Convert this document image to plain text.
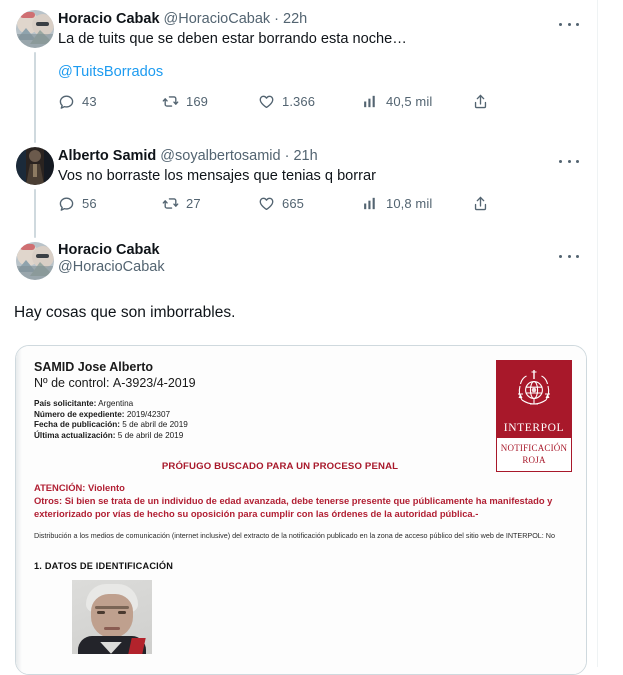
Horacio Cabak @HoracioCabak · 22h
La de tuits que se deben estar borrando esta noche…
@TuitsBorrados
43	169	1.366	40,5 mil
Alberto Samid @soyalbertosamid · 21h
Vos no borraste los mensajes que tenias q borrar
56	27	665	10,8 mil
Horacio Cabak
@HoracioCabak
Hay cosas que son imborrables.
SAMID Jose Alberto
Nº de control: A-3923/4-2019
País solicitante: Argentina
Número de expediente: 2019/42307
Fecha de publicación: 5 de abril de 2019
Última actualización: 5 de abril de 2019
INTERPOL
NOTIFICACIÓN
ROJA
PRÓFUGO BUSCADO PARA UN PROCESO PENAL
ATENCIÓN: Violento
Otros: Si bien se trata de un individuo de edad avanzada, debe tenerse presente que públicamente ha manifestado y exteriorizado por vías de hecho su oposición para cumplir con las órdenes de la autoridad pública.-
Distribución a los medios de comunicación (internet inclusive) del extracto de la notificación publicado en la zona de acceso público del sitio web de INTERPOL: No
1. DATOS DE IDENTIFICACIÓN
